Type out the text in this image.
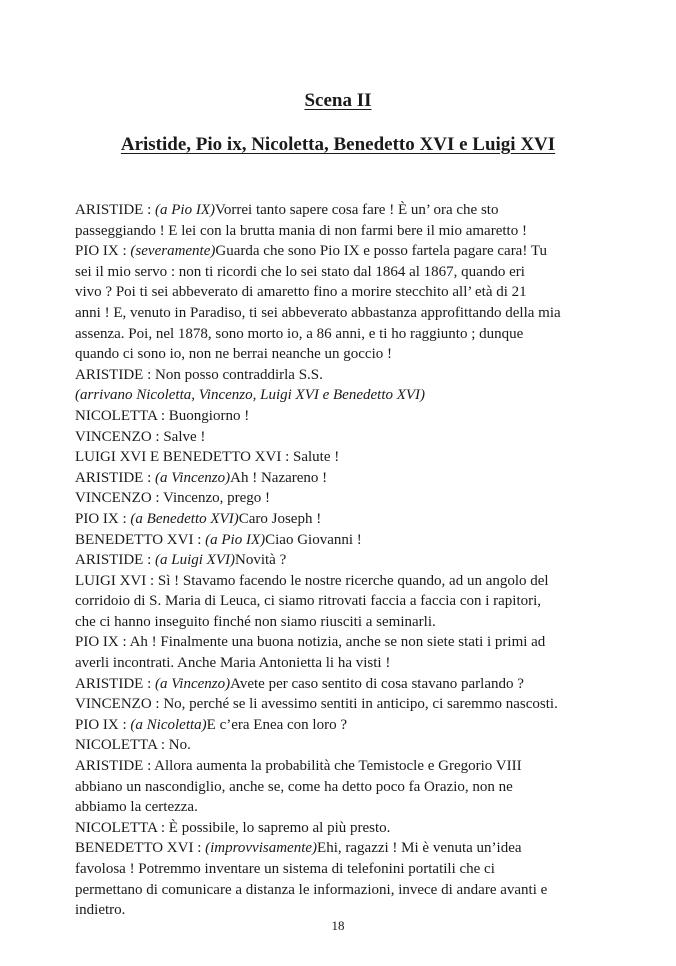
Scena II
Aristide, Pio ix, Nicoletta, Benedetto XVI e Luigi XVI
ARISTIDE : (a Pio IX)Vorrei tanto sapere cosa fare ! È un’ ora che sto
passeggiando ! E lei con la brutta mania di non farmi bere il mio amaretto !
PIO IX : (severamente)Guarda che sono Pio IX e posso fartela pagare cara! Tu
sei il mio servo : non ti ricordi che lo sei stato dal 1864 al 1867, quando eri
vivo ? Poi ti sei abbeverato di amaretto fino a morire stecchito all’ età di 21
anni ! E, venuto in Paradiso, ti sei abbeverato abbastanza approfittando della mia
assenza. Poi, nel 1878, sono morto io, a 86 anni, e ti ho raggiunto ; dunque
quando ci sono io, non ne berrai neanche un goccio !
ARISTIDE : Non posso contraddirla S.S.
(arrivano Nicoletta, Vincenzo, Luigi XVI e Benedetto XVI)
NICOLETTA : Buongiorno !
VINCENZO : Salve !
LUIGI XVI E BENEDETTO XVI : Salute !
ARISTIDE : (a Vincenzo)Ah ! Nazareno !
VINCENZO : Vincenzo, prego !
PIO IX : (a Benedetto XVI)Caro Joseph !
BENEDETTO XVI : (a Pio IX)Ciao Giovanni !
ARISTIDE : (a Luigi XVI)Novità ?
LUIGI XVI : Sì ! Stavamo facendo le nostre ricerche quando, ad un angolo del
corridoio di S. Maria di Leuca, ci siamo ritrovati faccia a faccia con i rapitori,
che ci hanno inseguito finché non siamo riusciti a seminarli.
PIO IX : Ah ! Finalmente una buona notizia, anche se non siete stati i primi ad
averli incontrati. Anche Maria Antonietta li ha visti !
ARISTIDE : (a Vincenzo)Avete per caso sentito di cosa stavano parlando ?
VINCENZO : No, perché se li avessimo sentiti in anticipo, ci saremmo nascosti.
PIO IX : (a Nicoletta)E c’era Enea con loro ?
NICOLETTA : No.
ARISTIDE : Allora aumenta la probabilità che Temistocle e Gregorio VIII
abbiano un nascondiglio, anche se, come ha detto poco fa Orazio, non ne
abbiamo la certezza.
NICOLETTA : È possibile, lo sapremo al più presto.
BENEDETTO XVI : (improvvisamente)Ehi, ragazzi ! Mi è venuta un’idea
favolosa ! Potremmo inventare un sistema di telefonini portatili che ci
permettano di comunicare a distanza le informazioni, invece di andare avanti e
indietro.
18
